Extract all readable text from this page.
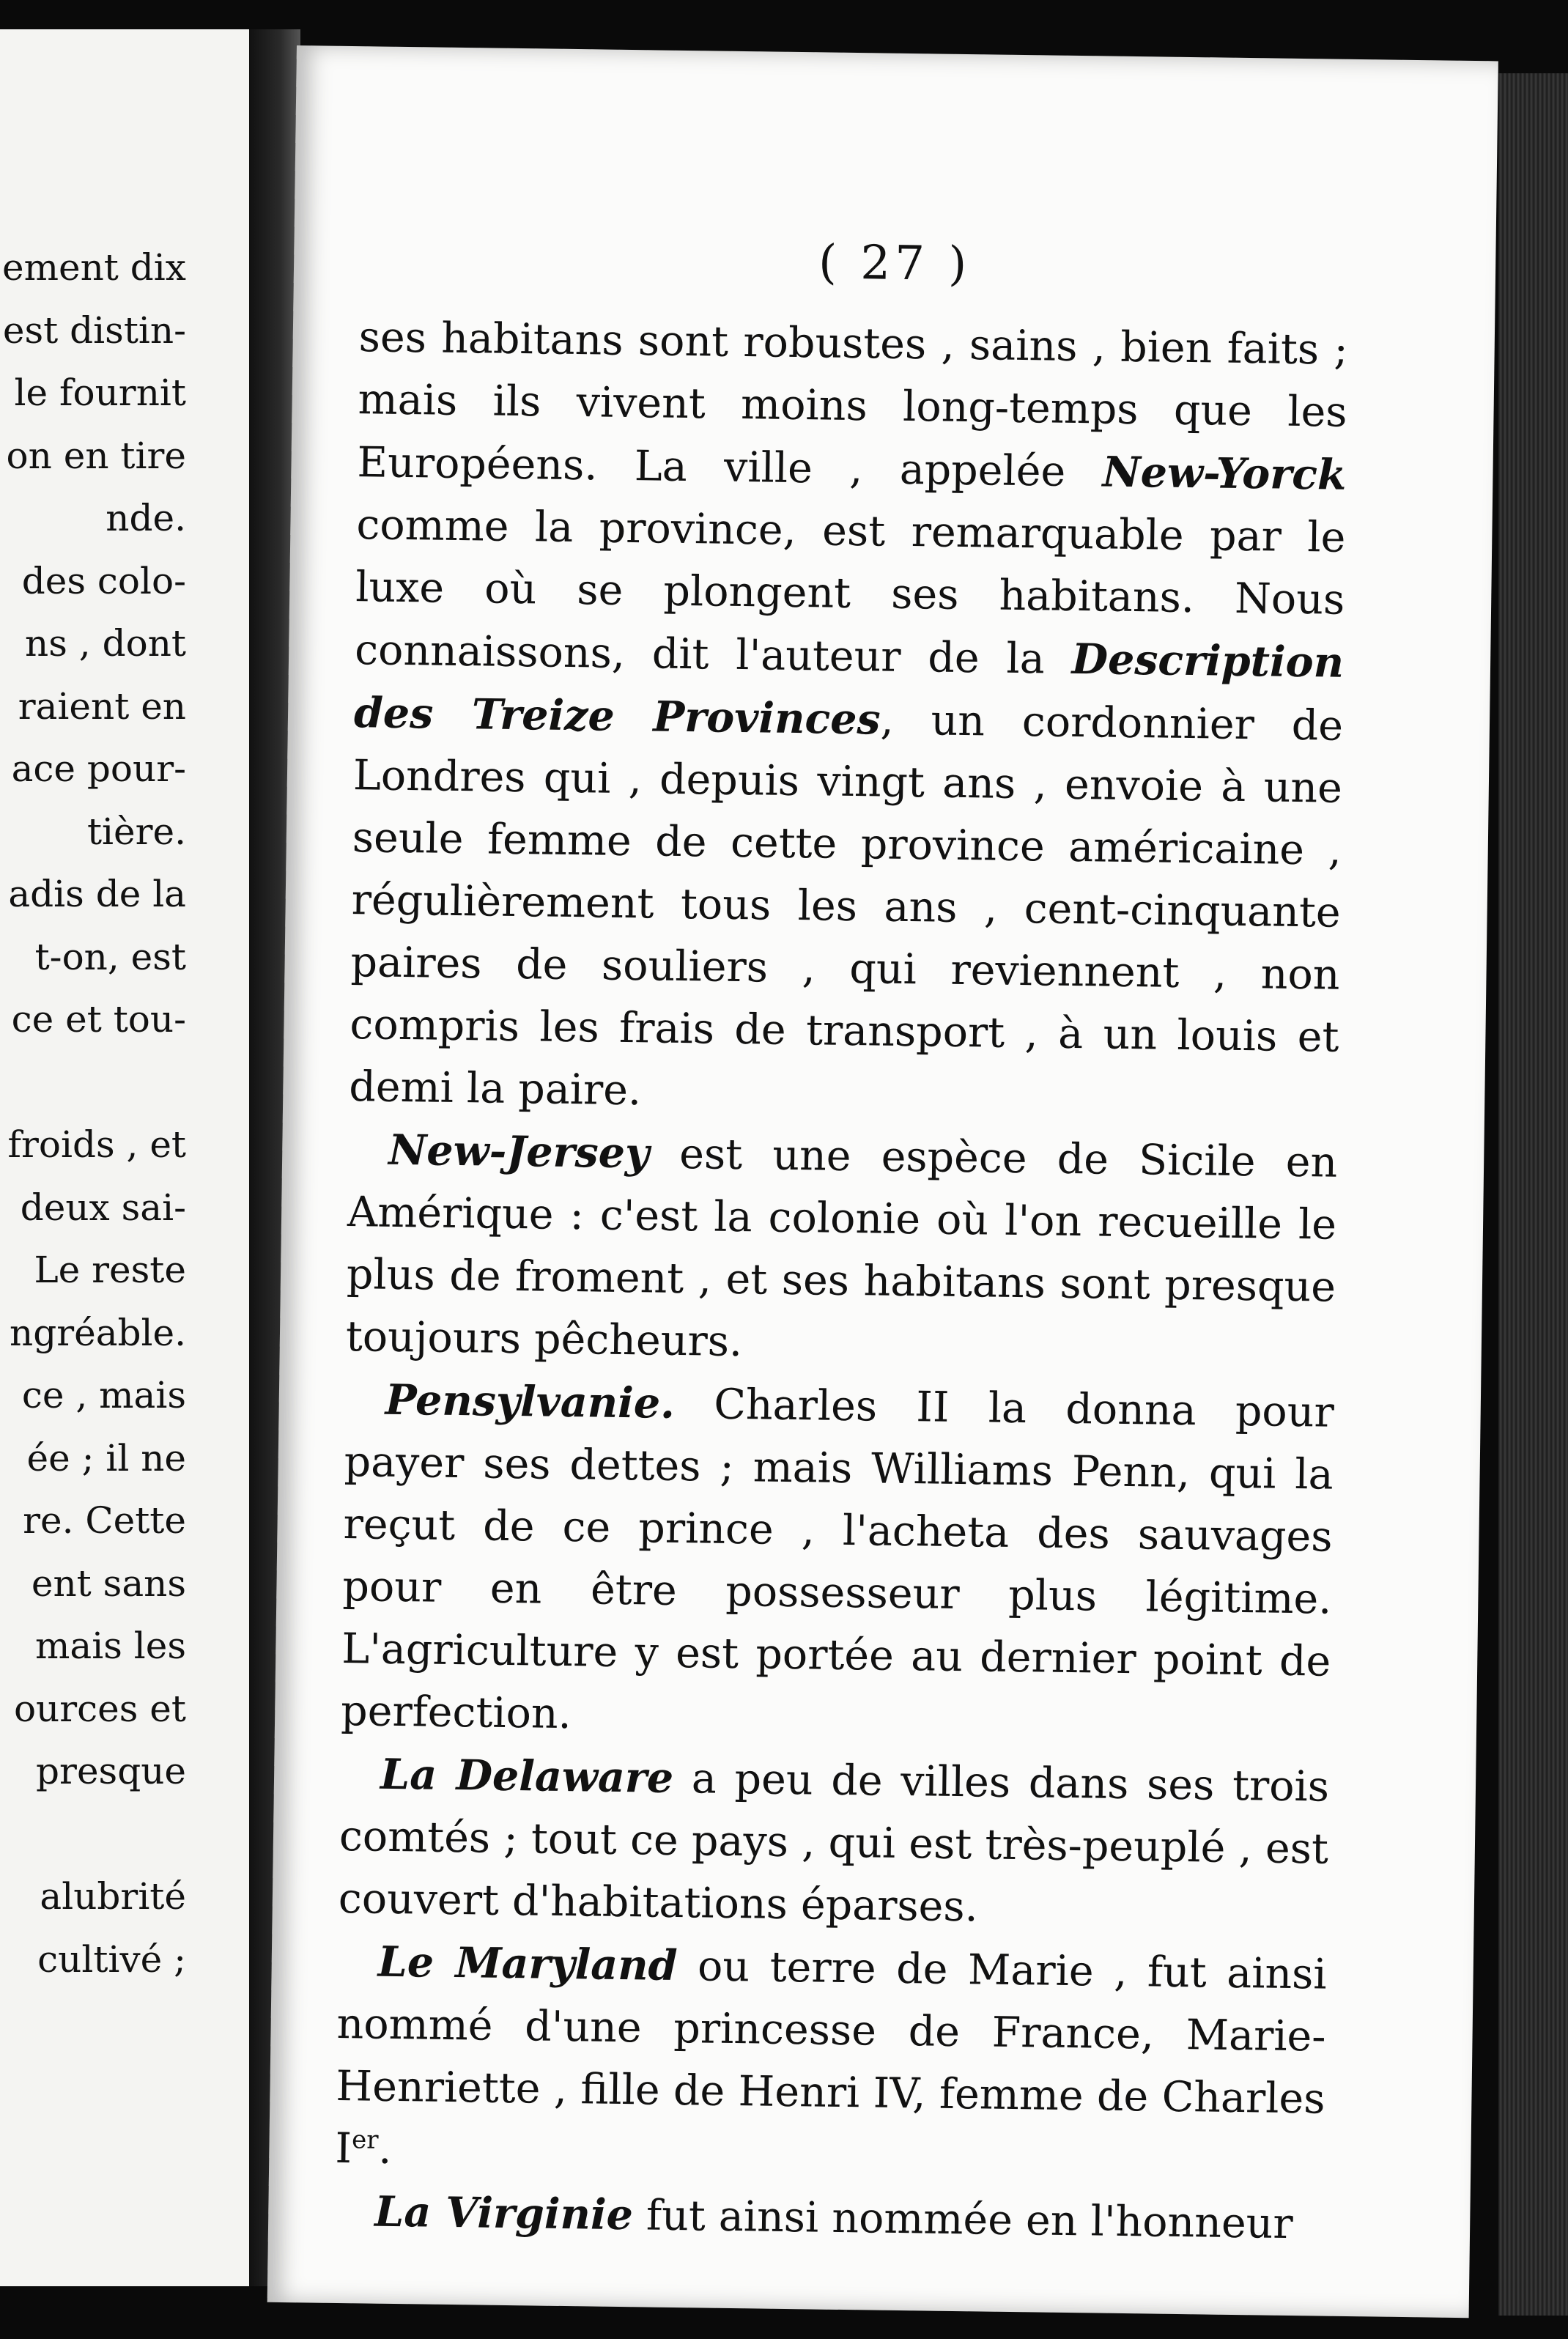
ement dix
est distin-
le fournit
on en tire
nde.
des colo-
ns , dont
raient en
ace pour-
tière.
adis de la
t-on, est
ce et tou-
froids , et
deux sai-
Le reste
ngréable.
ce , mais
ée ; il ne
re. Cette
ent sans
mais les
ources et
presque
alubrité
cultivé ;
( 27 )

ses habitans sont robustes , sains , bien faits ; mais ils vivent moins long-temps que les Européens. La ville , appelée New-Yorck comme la province, est remarquable par le luxe où se plongent ses habitans. Nous connaissons, dit l'auteur de la Description des Treize Provinces, un cordonnier de Londres qui , depuis vingt ans , envoie à une seule femme de cette province américaine , régulièrement tous les ans , cent-cinquante paires de souliers , qui reviennent , non compris les frais de transport , à un louis et demi la paire.

New-Jersey est une espèce de Sicile en Amérique : c'est la colonie où l'on recueille le plus de froment , et ses habitans sont presque toujours pêcheurs.

Pensylvanie. Charles II la donna pour payer ses dettes ; mais Williams Penn, qui la reçut de ce prince , l'acheta des sauvages pour en être possesseur plus légitime. L'agriculture y est portée au dernier point de perfection.

La Delaware a peu de villes dans ses trois comtés ; tout ce pays , qui est très-peuplé , est couvert d'habitations éparses.

Le Maryland ou terre de Marie , fut ainsi nommé d'une princesse de France, Marie-Henriette , fille de Henri IV, femme de Charles Ier.

La Virginie fut ainsi nommée en l'honneur
